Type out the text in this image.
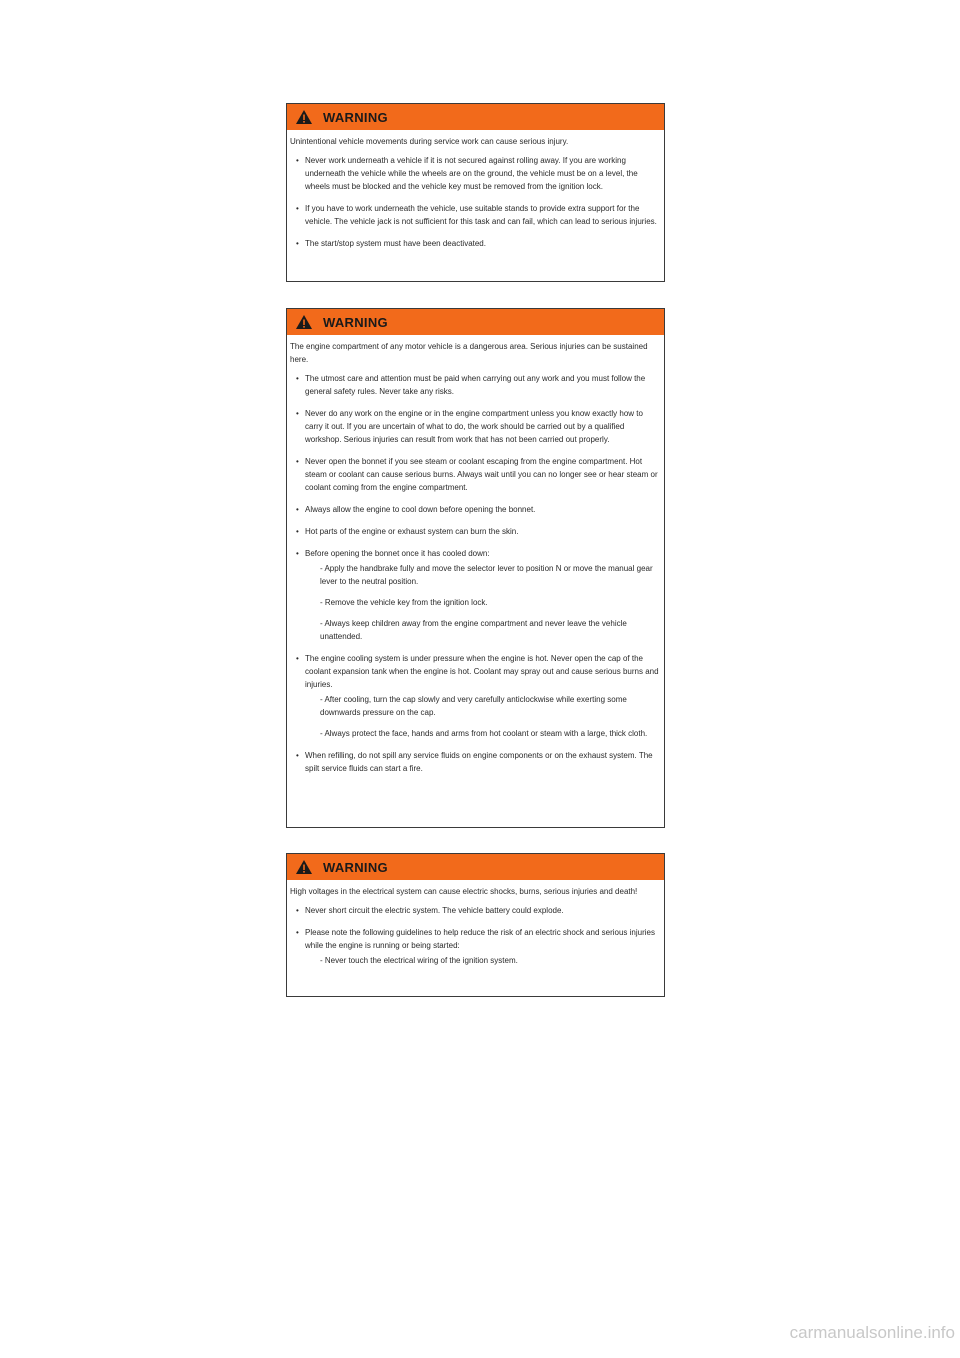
WARNING

Unintentional vehicle movements during service work can cause serious injury.

• Never work underneath a vehicle if it is not secured against rolling away. If you are working underneath the vehicle while the wheels are on the ground, the vehicle must be on a level, the wheels must be blocked and the vehicle key must be removed from the ignition lock.
• If you have to work underneath the vehicle, use suitable stands to provide extra support for the vehicle. The vehicle jack is not sufficient for this task and can fail, which can lead to serious injuries.
• The start/stop system must have been deactivated.
WARNING

The engine compartment of any motor vehicle is a dangerous area. Serious injuries can be sustained here.

• The utmost care and attention must be paid when carrying out any work and you must follow the general safety rules. Never take any risks.
• Never do any work on the engine or in the engine compartment unless you know exactly how to carry it out. If you are uncertain of what to do, the work should be carried out by a qualified workshop. Serious injuries can result from work that has not been carried out properly.
• Never open the bonnet if you see steam or coolant escaping from the engine compartment. Hot steam or coolant can cause serious burns. Always wait until you can no longer see or hear steam or coolant coming from the engine compartment.
• Always allow the engine to cool down before opening the bonnet.
• Hot parts of the engine or exhaust system can burn the skin.
• Before opening the bonnet once it has cooled down:
- Apply the handbrake fully and move the selector lever to position N or move the manual gear lever to the neutral position.
- Remove the vehicle key from the ignition lock.
- Always keep children away from the engine compartment and never leave the vehicle unattended.
• The engine cooling system is under pressure when the engine is hot. Never open the cap of the coolant expansion tank when the engine is hot. Coolant may spray out and cause serious burns and injuries.
- After cooling, turn the cap slowly and very carefully anticlockwise while exerting some downwards pressure on the cap.
- Always protect the face, hands and arms from hot coolant or steam with a large, thick cloth.
• When refilling, do not spill any service fluids on engine components or on the exhaust system. The spilt service fluids can start a fire.
WARNING

High voltages in the electrical system can cause electric shocks, burns, serious injuries and death!

• Never short circuit the electric system. The vehicle battery could explode.
• Please note the following guidelines to help reduce the risk of an electric shock and serious injuries while the engine is running or being started:
- Never touch the electrical wiring of the ignition system.
carmanualsonline.info
